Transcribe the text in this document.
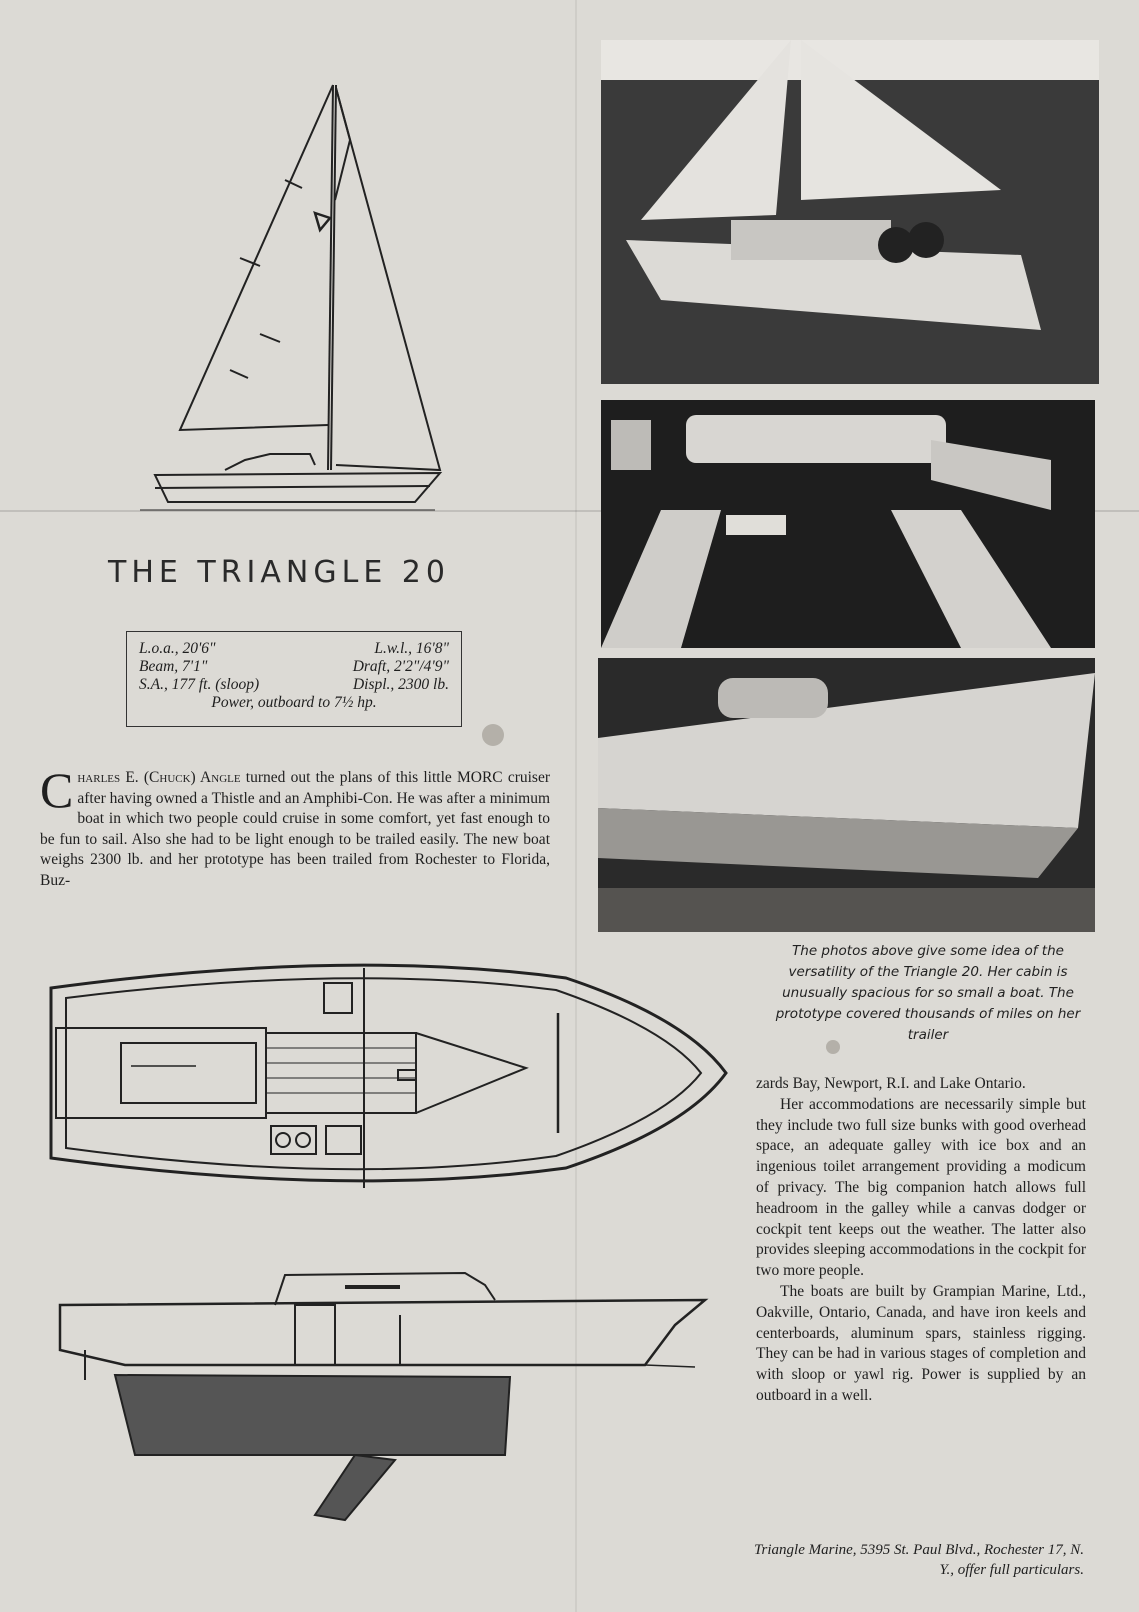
THE TRIANGLE 20
L.o.a., 20'6"	L.w.l., 16'8"
Beam, 7'1"	Draft, 2'2"/4'9"
S.A., 177 ft. (sloop)	Displ., 2300 lb.
Power, outboard to 7½ hp.
Charles E. (Chuck) Angle turned out the plans of this little MORC cruiser after having owned a Thistle and an Amphibi-Con. He was after a minimum boat in which two people could cruise in some comfort, yet fast enough to be fun to sail. Also she had to be light enough to be trailed easily. The new boat weighs 2300 lb. and her prototype has been trailed from Rochester to Florida, Buz-
The photos above give some idea of the versatility of the Triangle 20. Her cabin is unusually spacious for so small a boat. The prototype covered thousands of miles on her trailer

zards Bay, Newport, R.I. and Lake Ontario.

Her accommodations are necessarily simple but they include two full size bunks with good overhead space, an adequate galley with ice box and an ingenious toilet arrangement providing a modicum of privacy. The big companion hatch allows full headroom in the galley while a canvas dodger or cockpit tent keeps out the weather. The latter also provides sleeping accommodations in the cockpit for two more people.

The boats are built by Grampian Marine, Ltd., Oakville, Ontario, Canada, and have iron keels and centerboards, aluminum spars, stainless rigging. They can be had in various stages of completion and with sloop or yawl rig. Power is supplied by an outboard in a well.

Triangle Marine, 5395 St. Paul Blvd., Rochester 17, N. Y., offer full particulars.
